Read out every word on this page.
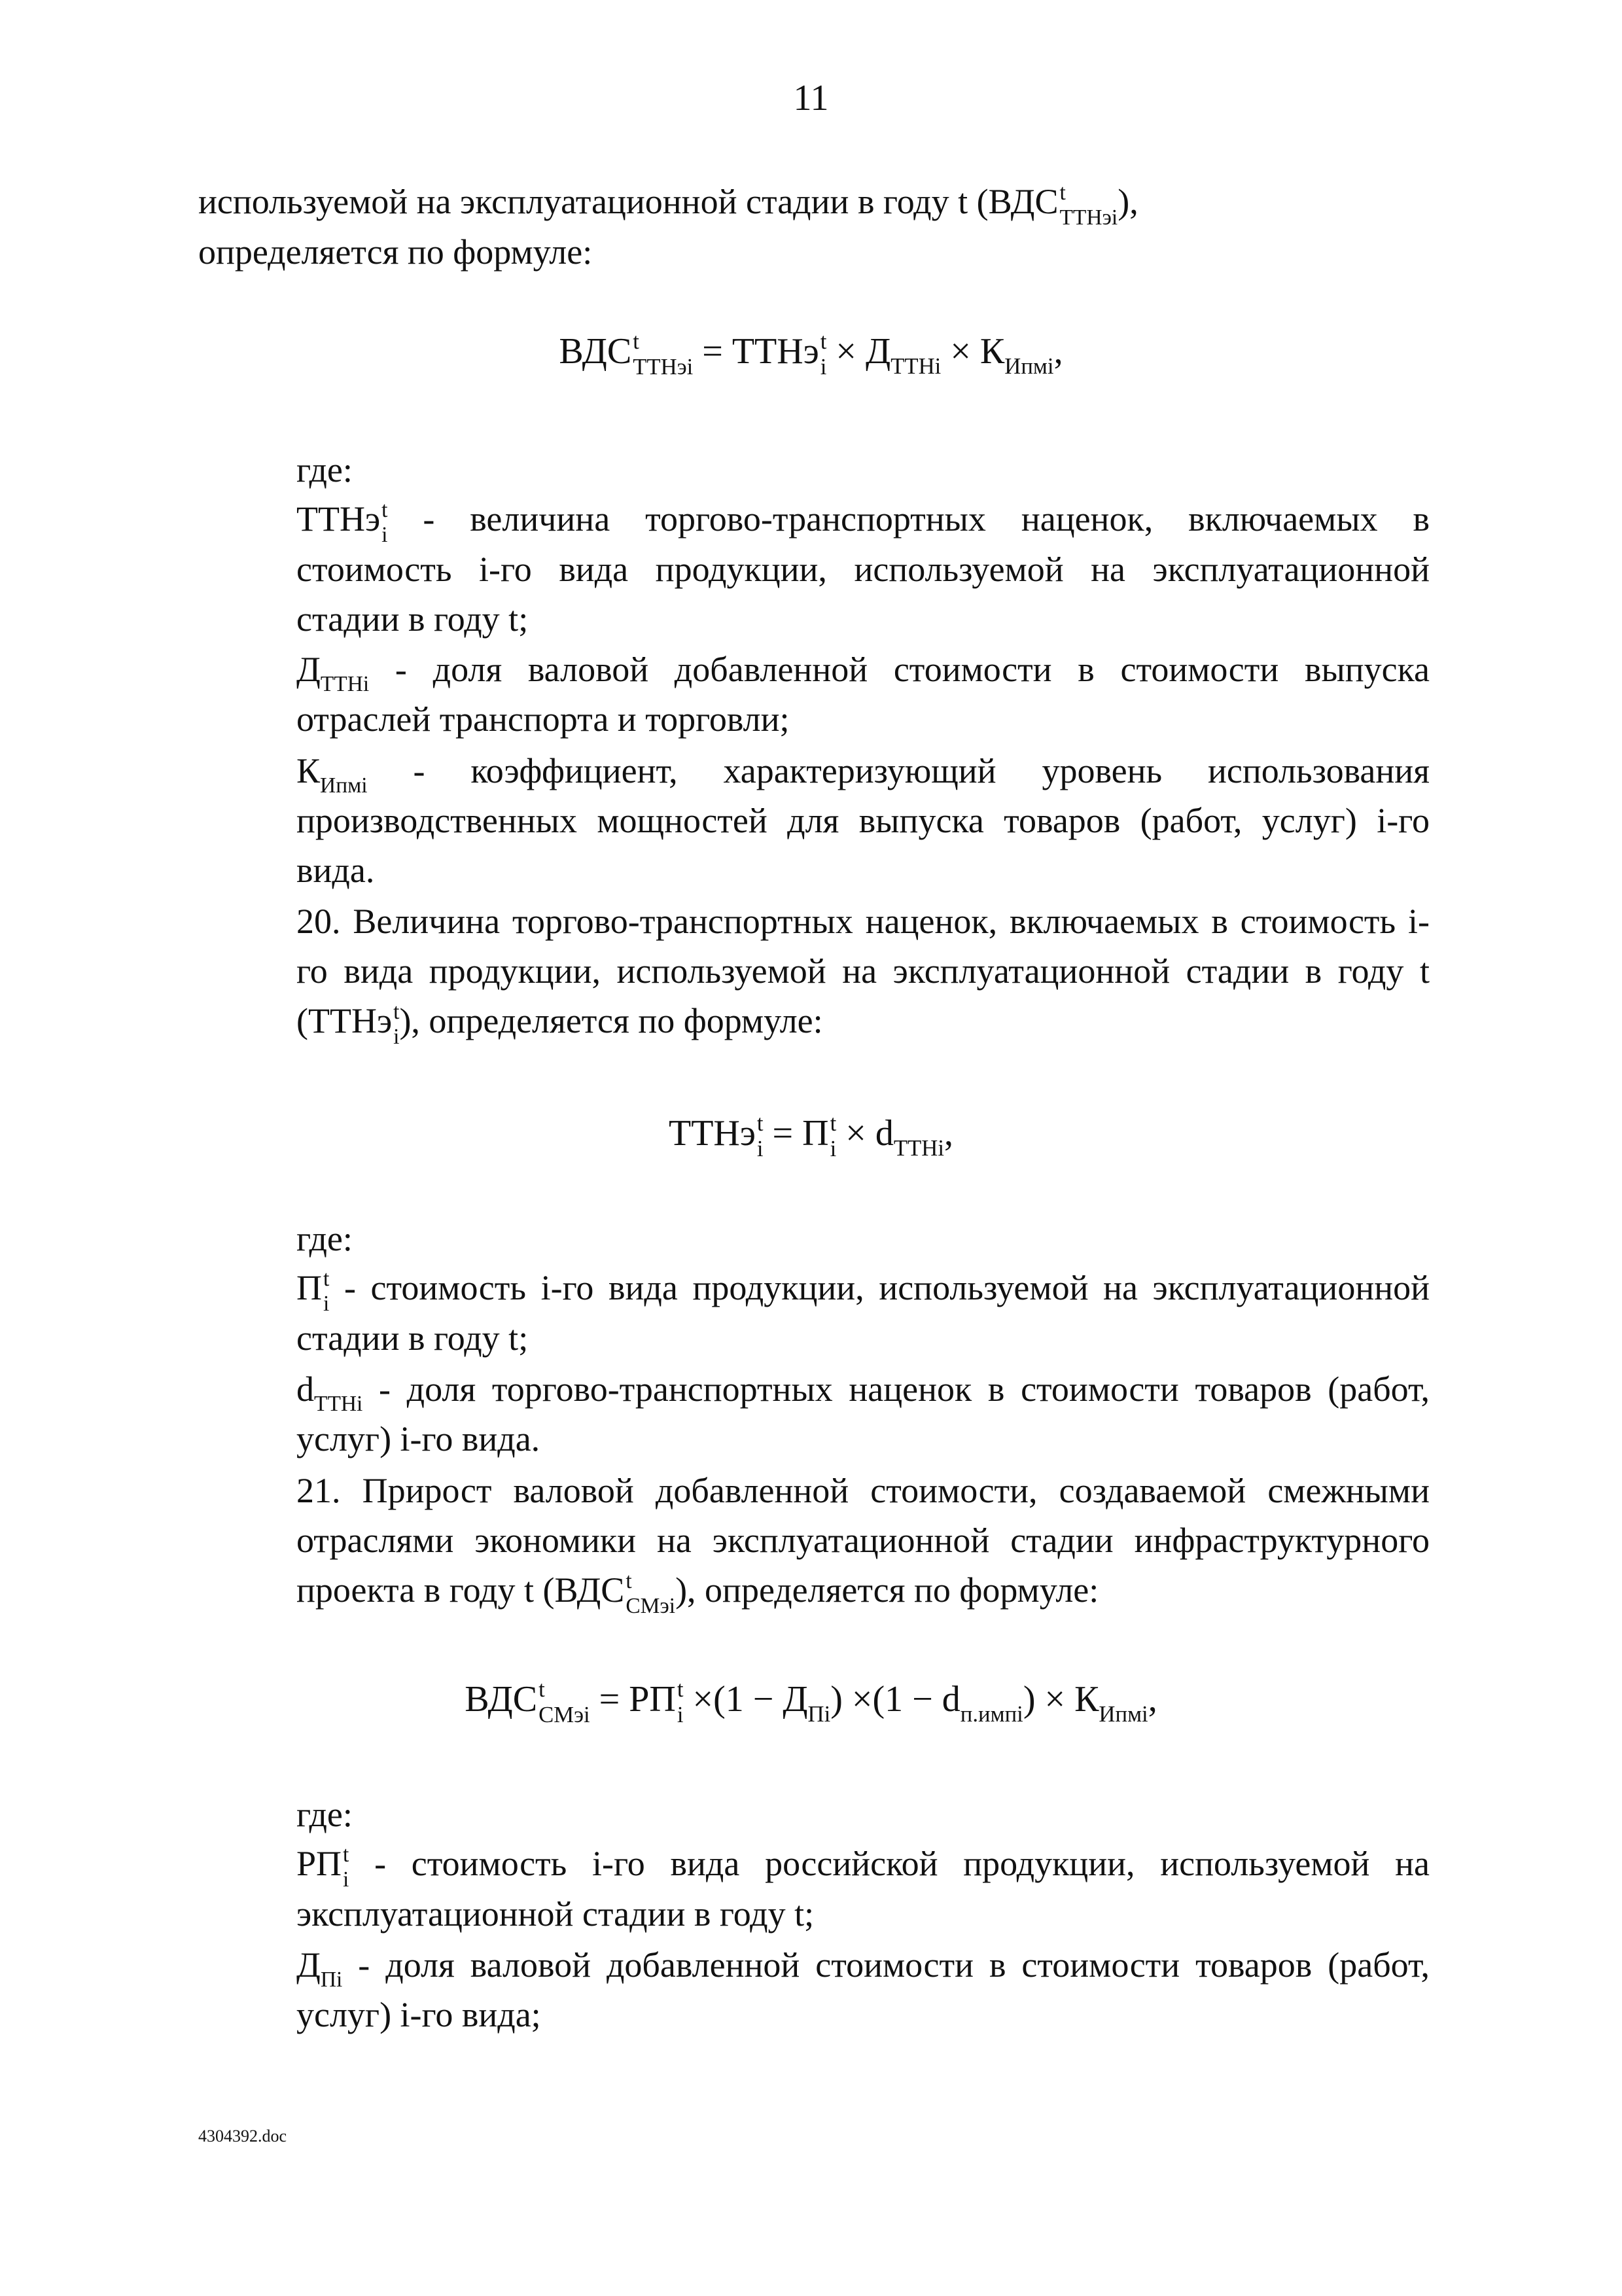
11

используемой на эксплуатационной стадии в году t (ВДС t
ТТНэi ),
определяется по формуле:

ВДС t
ТТНэi = ТТНэ t
$i \times Д_{ТТНi} \times К_{Ипмi}$,
где:

ТТНэ t
i - величина торгово-транспортных наценок, включаемых в стоимость i-го вида продукции, используемой на эксплуатационной стадии в году t;

$Д_{ТТНi}$ - доля валовой добавленной стоимости в стоимости выпуска отраслей транспорта и торговли;

$К_{Ипмi}$ - коэффициент, характеризующий уровень использования производственных мощностей для выпуска товаров (работ, услуг) i-го вида.

20. Величина торгово-транспортных наценок, включаемых в стоимость i-го вида продукции, используемой на эксплуатационной стадии в году t (ТТНэ t
i ), определяется по формуле:

ТТНэ t
i = П t
$i \times d_{ТТНi}$,
где:

П t
i - стоимость i-го вида продукции, используемой на эксплуатационной стадии в году t;

$d_{ТТНi}$ - доля торгово-транспортных наценок в стоимости товаров (работ, услуг) i-го вида.

21. Прирост валовой добавленной стоимости, создаваемой смежными отраслями экономики на эксплуатационной стадии инфраструктурного проекта в году t (ВДС t
СМэi ), определяется по формуле:

ВДС t
СМэi = РП t
$i \times(1 - Д_{Пi}) \times(1 - d_{п.импi}) \times К_{Ипмi}$,
где:

РП t
i - стоимость i-го вида российской продукции, используемой на эксплуатационной стадии в году t;

$Д_{Пi}$ - доля валовой добавленной стоимости в стоимости товаров (работ, услуг) i-го вида;

4304392.doc
